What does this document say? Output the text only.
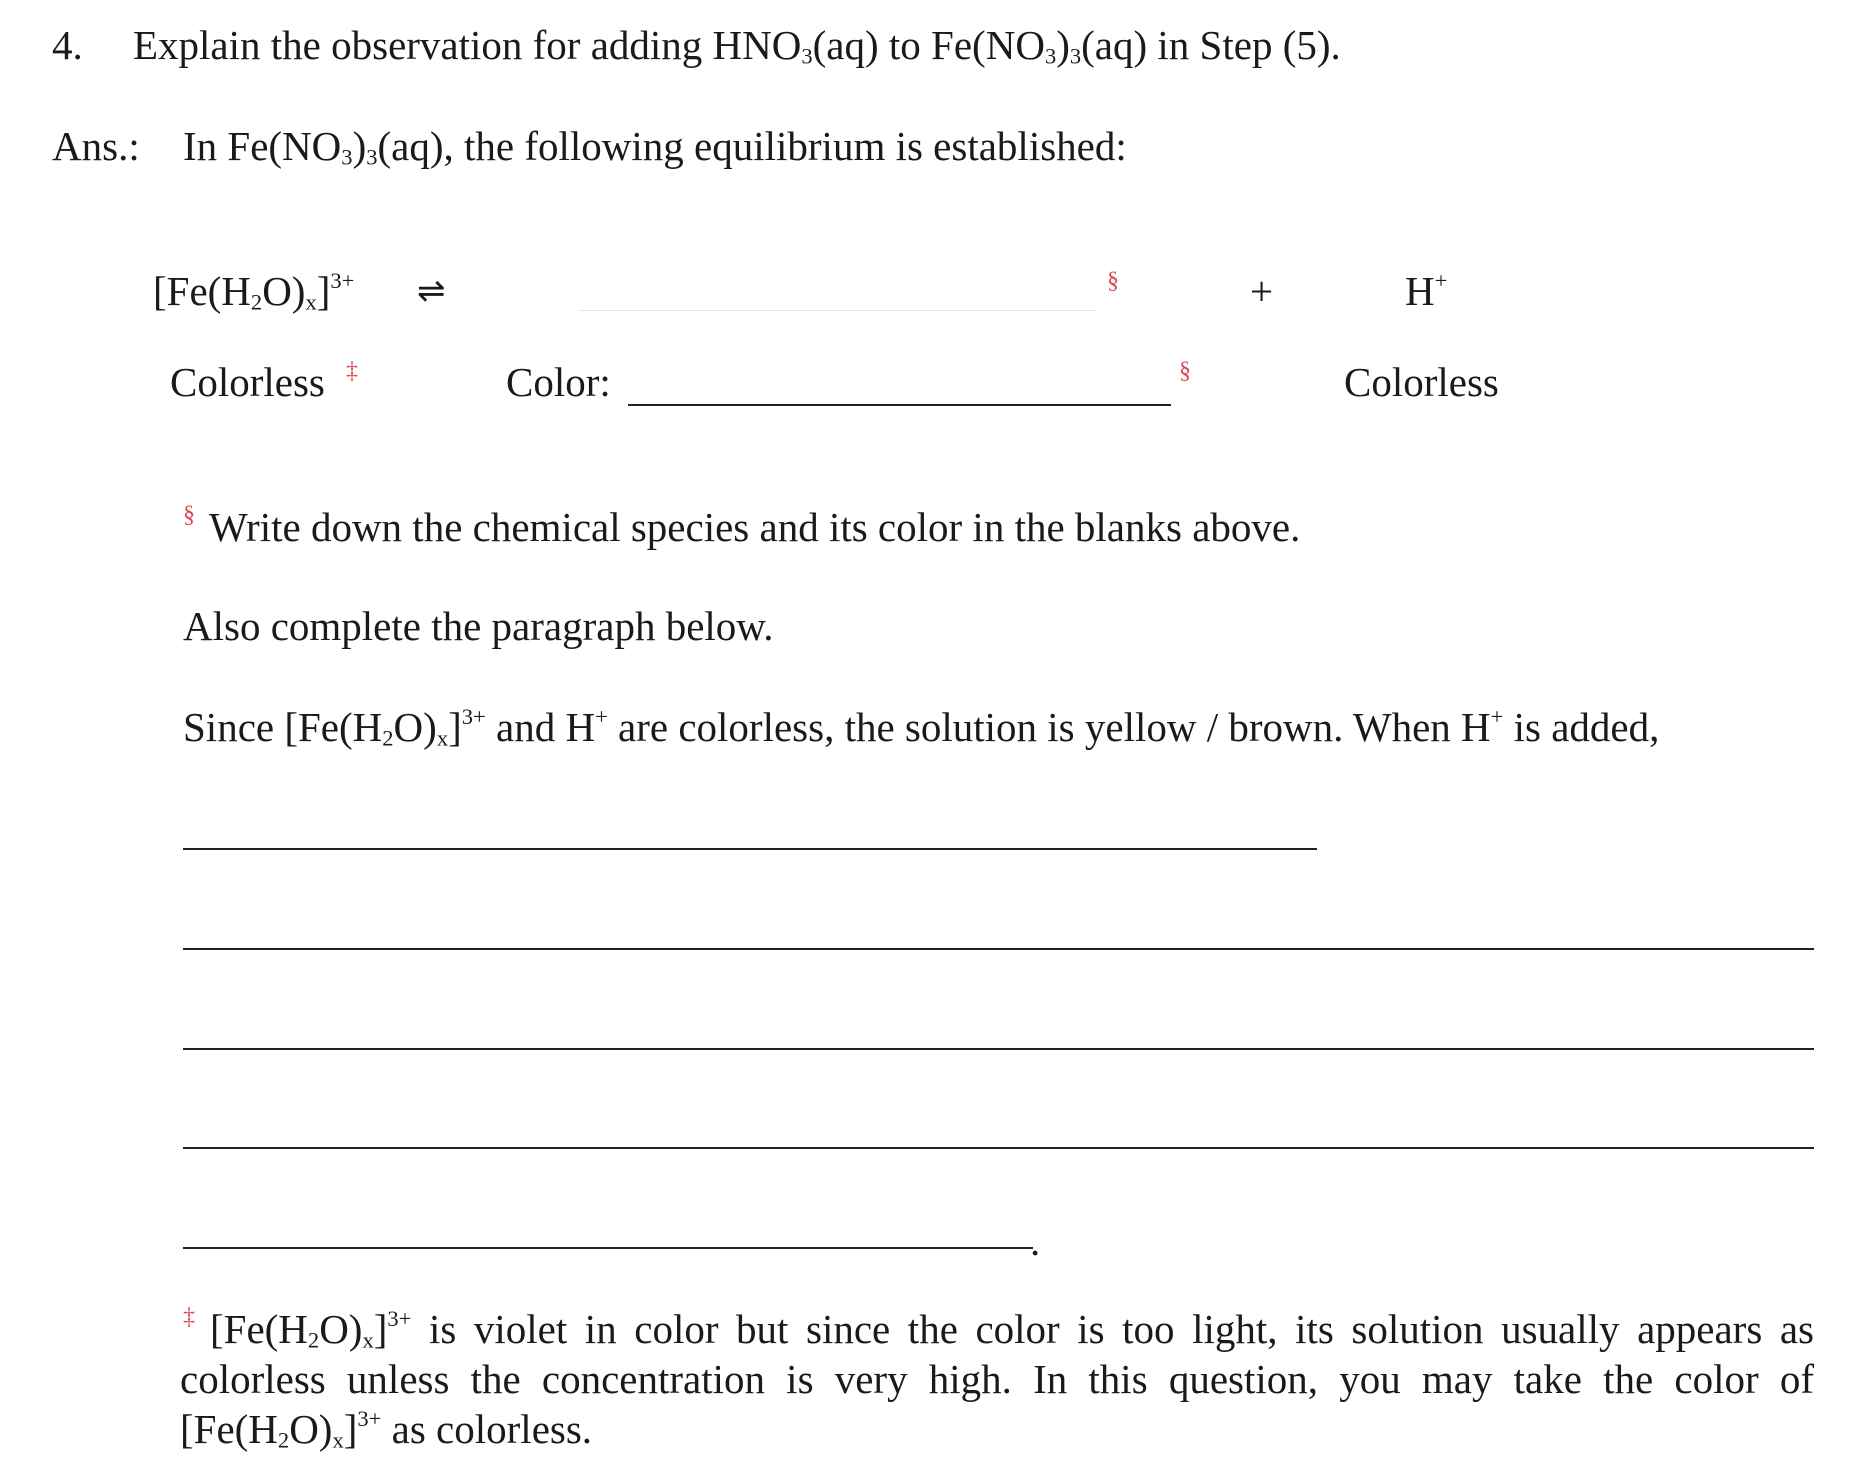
4. Explain the observation for adding $HNO_3(aq)$ to $Fe(NO_3)_3(aq)$ in Step (5).
Ans.: In $Fe(NO_3)_3(aq)$, the following equilibrium is established:
$[Fe(H_2O)_x]^{3+}$ ⇌	§	+	H+
Colorless ‡	Color:	§	Colorless
§ Write down the chemical species and its color in the blanks above.
Also complete the paragraph below.
Since $[Fe(H_2O)_x]^{3+}$ and H+ are colorless, the solution is yellow / brown. When H+ is added,
.
‡ $[Fe(H_2O)_x]^{3+}$ is violet in color but since the color is too light, its solution usually appears as colorless unless the concentration is very high. In this question, you may take the color of $[Fe(H_2O)_x]^{3+}$ as colorless.
